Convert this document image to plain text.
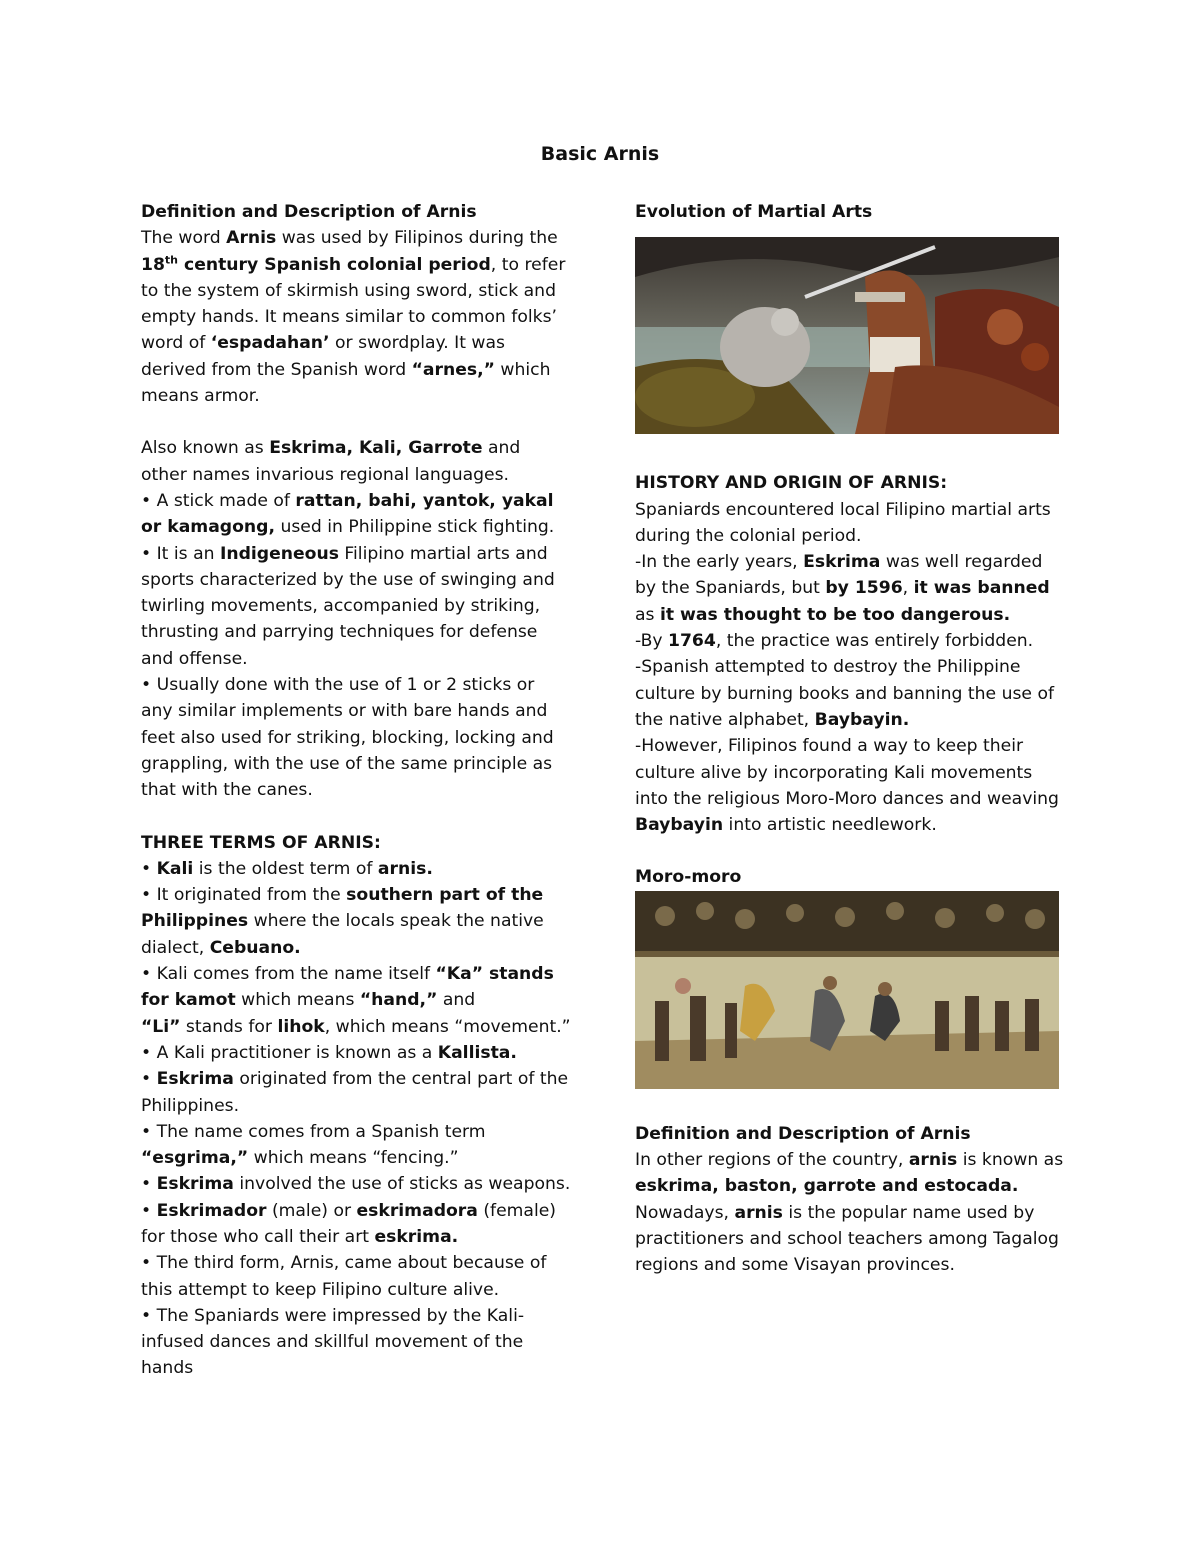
Basic Arnis

Definition and Description of Arnis

The word Arnis was used by Filipinos during the 18th century Spanish colonial period, to refer to the system of skirmish using sword, stick and empty hands. It means similar to common folks’ word of ‘espadahan’ or swordplay. It was derived from the Spanish word “arnes,” which means armor.

Also known as Eskrima, Kali, Garrote and other names invarious regional languages.

• A stick made of rattan, bahi, yantok, yakal or kamagong, used in Philippine stick fighting.

• It is an Indigeneous Filipino martial arts and sports characterized by the use of swinging and twirling movements, accompanied by striking, thrusting and parrying techniques for defense and offense.

• Usually done with the use of 1 or 2 sticks or any similar implements or with bare hands and feet also used for striking, blocking, locking and grappling, with the use of the same principle as that with the canes.

THREE TERMS OF ARNIS:

• Kali is the oldest term of arnis.

• It originated from the southern part of the Philippines where the locals speak the native dialect, Cebuano.

• Kali comes from the name itself “Ka” stands for kamot which means “hand,” and

“Li” stands for lihok, which means “movement.”

• A Kali practitioner is known as a Kallista.

• Eskrima originated from the central part of the Philippines.

• The name comes from a Spanish term “esgrima,” which means “fencing.”

• Eskrima involved the use of sticks as weapons.

• Eskrimador (male) or eskrimadora (female) for those who call their art eskrima.

• The third form, Arnis, came about because of this attempt to keep Filipino culture alive.

• The Spaniards were impressed by the Kali-infused dances and skillful movement of the hands

Evolution of Martial Arts

HISTORY AND ORIGIN OF ARNIS:

Spaniards encountered local Filipino martial arts during the colonial period.

-In the early years, Eskrima was well regarded by the Spaniards, but by 1596, it was banned as it was thought to be too dangerous.

-By 1764, the practice was entirely forbidden.

-Spanish attempted to destroy the Philippine culture by burning books and banning the use of the native alphabet, Baybayin.

-However, Filipinos found a way to keep their culture alive by incorporating Kali movements into the religious Moro-Moro dances and weaving Baybayin into artistic needlework.

Moro-moro

Definition and Description of Arnis

In other regions of the country, arnis is known as eskrima, baston, garrote and estocada. Nowadays, arnis is the popular name used by practitioners and school teachers among Tagalog regions and some Visayan provinces.
